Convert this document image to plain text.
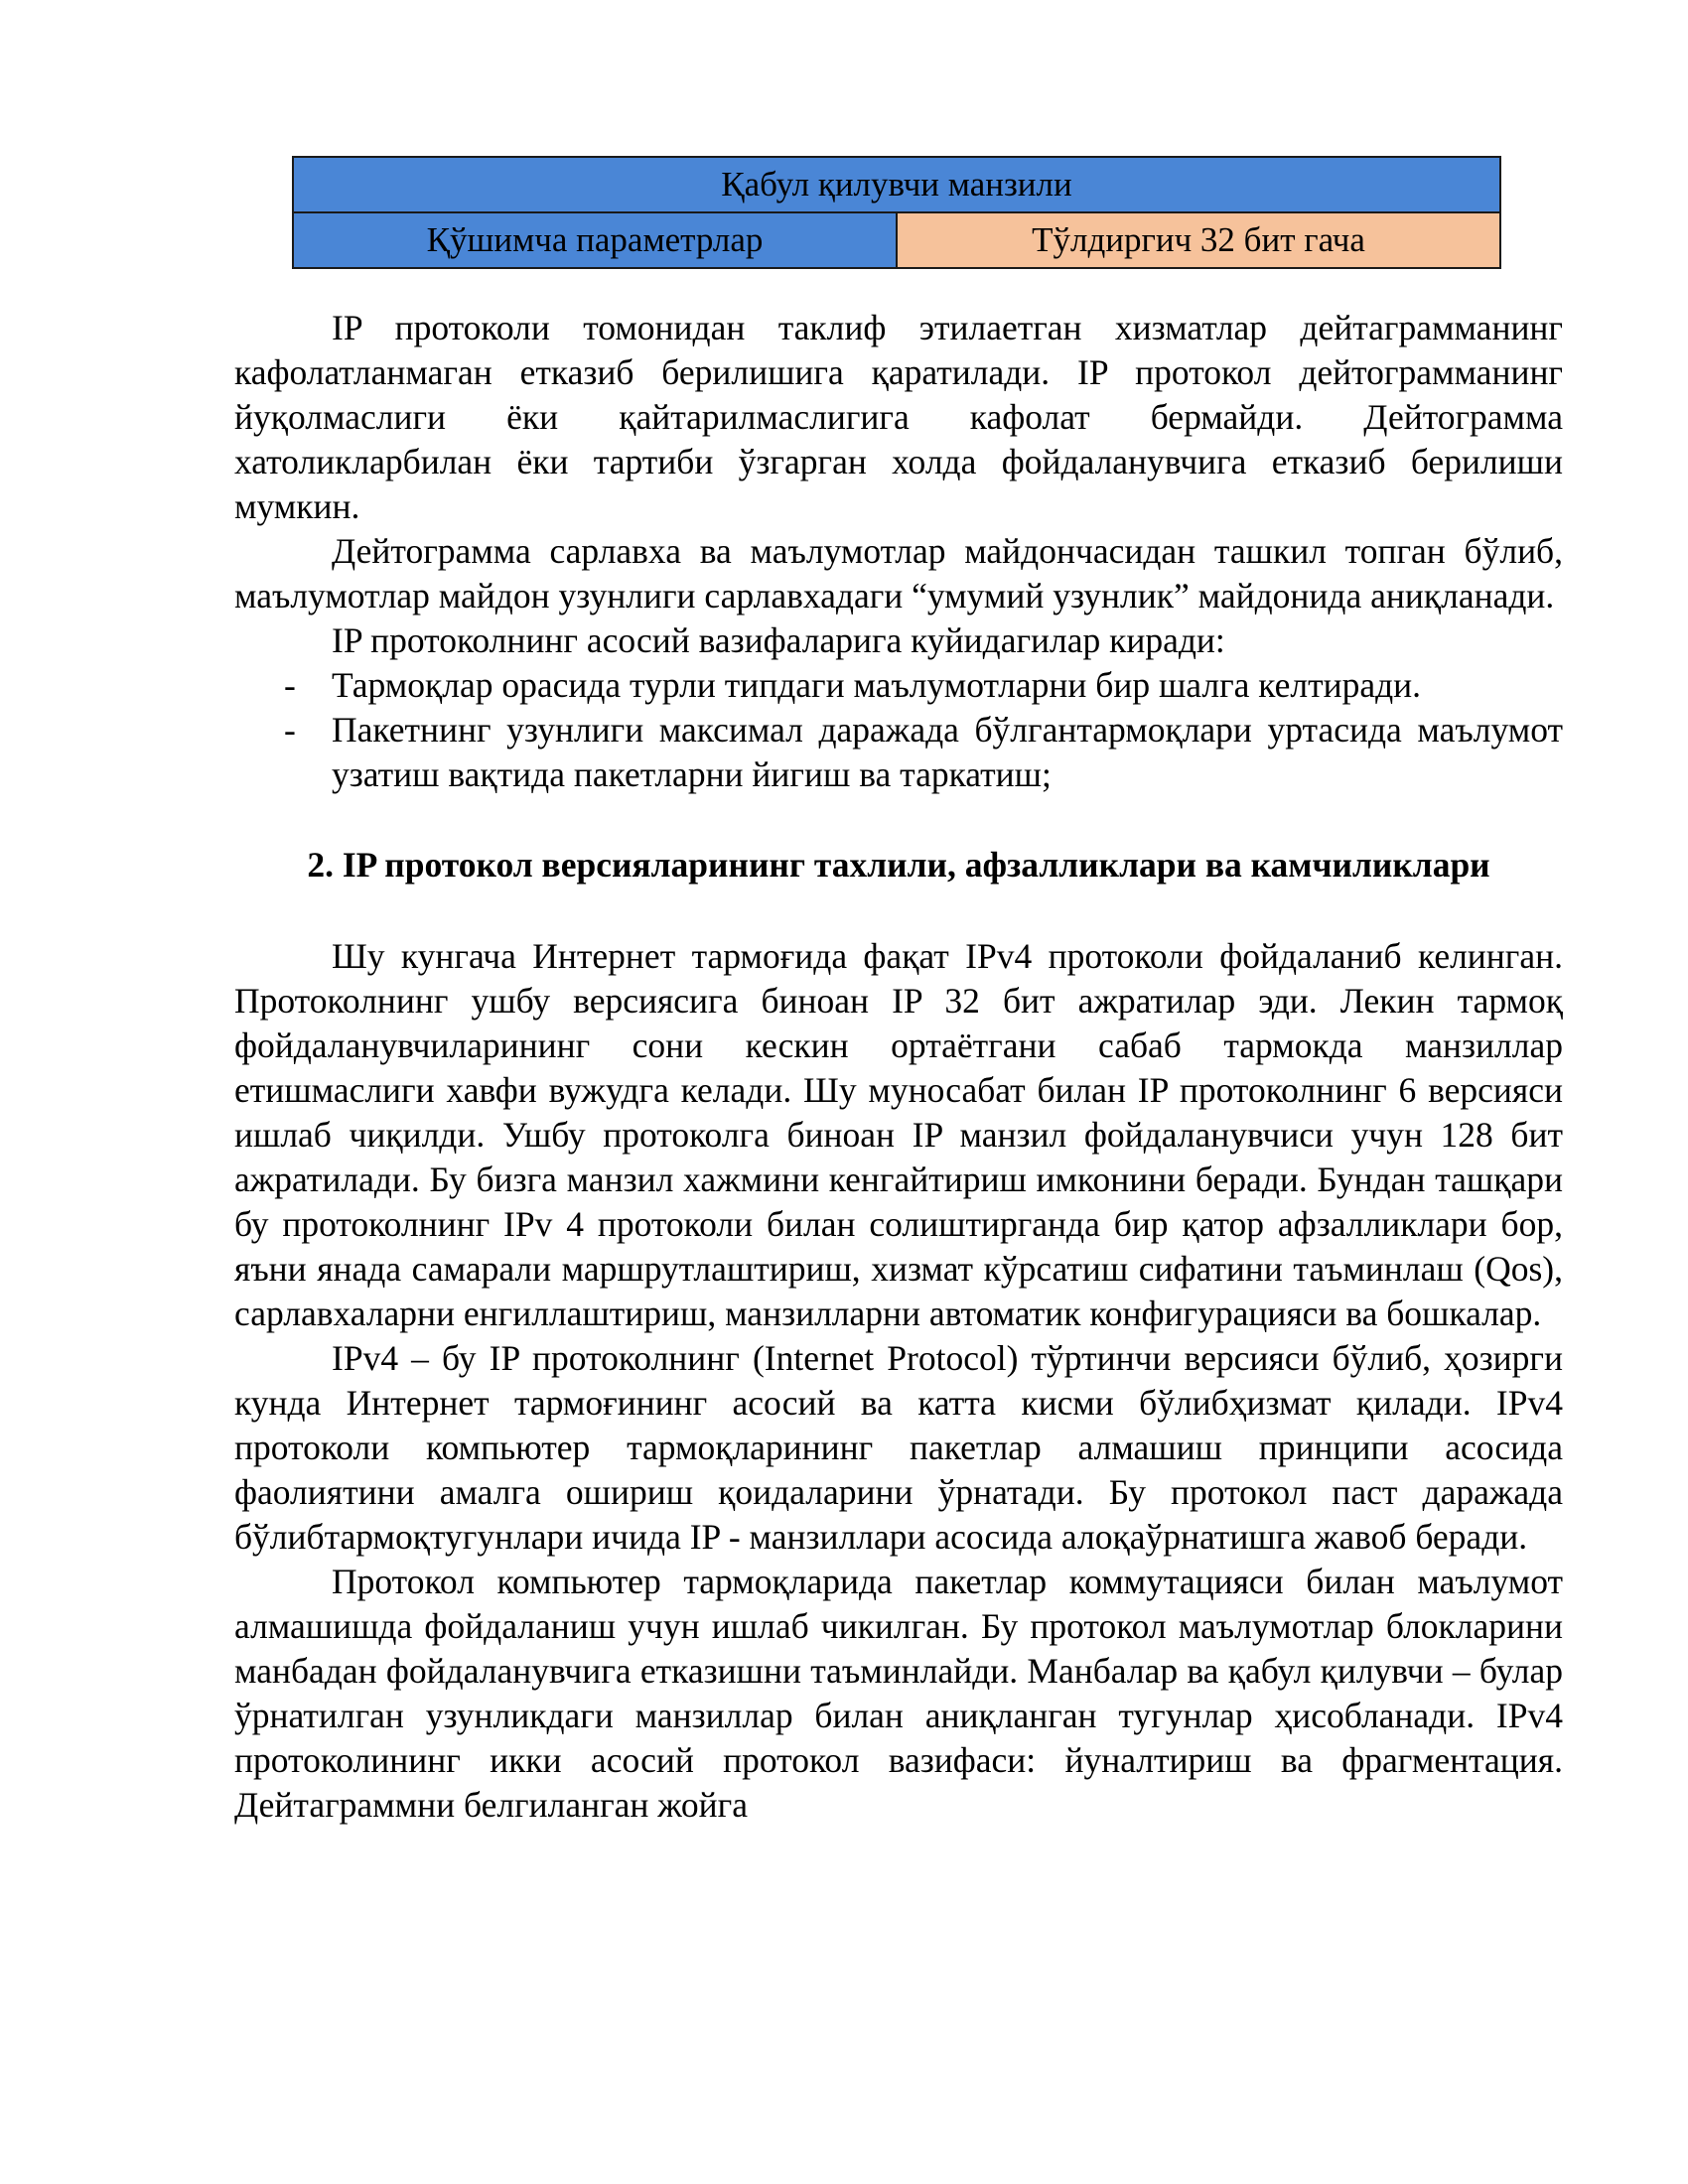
Қабул қилувчи манзили
Қўшимча параметрлар	Тўлдиргич 32 бит гача

IP протоколи томонидан таклиф этилаетган хизматлар дейтаграмманинг кафолатланмаган етказиб берилишига қаратилади. IP протокол дейтограмманинг йуқолмаслиги ёки қайтарилмаслигига кафолат бермайди. Дейтограмма хатоликларбилан ёки тартиби ўзгарган холда фойдаланувчига етказиб берилиши мумкин.

Дейтограмма сарлавха ва маълумотлар майдончасидан ташкил топган бўлиб, маълумотлар майдон узунлиги сарлавхадаги “умумий узунлик” майдонида аниқланади.

IP протоколнинг асосий вазифаларига куйидагилар киради:

- Тармоқлар орасида турли типдаги маълумотларни бир шалга келтиради.
- Пакетнинг узунлиги максимал даражада бўлгантармоқлари уртасида маълумот узатиш вақтида пакетларни йигиш ва таркатиш;
2. IP протокол версияларининг тахлили, афзалликлари ва камчиликлари

Шу кунгача Интернет тармоғида фақат IPv4 протоколи фойдаланиб келинган. Протоколнинг ушбу версиясига биноан IP 32 бит ажратилар эди. Лекин тармоқ фойдаланувчиларининг сони кескин ортаётгани сабаб тармокда манзиллар етишмаслиги хавфи вужудга келади. Шу муносабат билан IP протоколнинг 6 версияси ишлаб чиқилди. Ушбу протоколга биноан IP манзил фойдаланувчиси учун 128 бит ажратилади. Бу бизга манзил хажмини кенгайтириш имконини беради. Бундан ташқари бу протоколнинг IPv 4 протоколи билан солиштирганда бир қатор афзалликлари бор, яъни янада самарали маршрутлаштириш, хизмат кўрсатиш сифатини таъминлаш (Qos), сарлавхаларни енгиллаштириш, манзилларни автоматик конфигурацияси ва бошкалар.

IPv4 – бу IP протоколнинг (Internet Protocol) тўртинчи версияси бўлиб, ҳозирги кунда Интернет тармоғининг асосий ва катта кисми бўлибҳизмат қилади. IPv4 протоколи компьютер тармоқларининг пакетлар алмашиш принципи асосида фаолиятини амалга ошириш қоидаларини ўрнатади. Бу протокол паст даражада бўлибтармоқтугунлари ичида IP - манзиллари асосида алоқаўрнатишга жавоб беради.

Протокол компьютер тармоқларида пакетлар коммутацияси билан маълумот алмашишда фойдаланиш учун ишлаб чикилган. Бу протокол маълумотлар блокларини манбадан фойдаланувчига етказишни таъминлайди. Манбалар ва қабул қилувчи – булар ўрнатилган узунликдаги манзиллар билан аниқланган тугунлар ҳисобланади. IPv4 протоколининг икки асосий протокол вазифаси: йуналтириш ва фрагментация. Дейтаграммни белгиланган жойга
